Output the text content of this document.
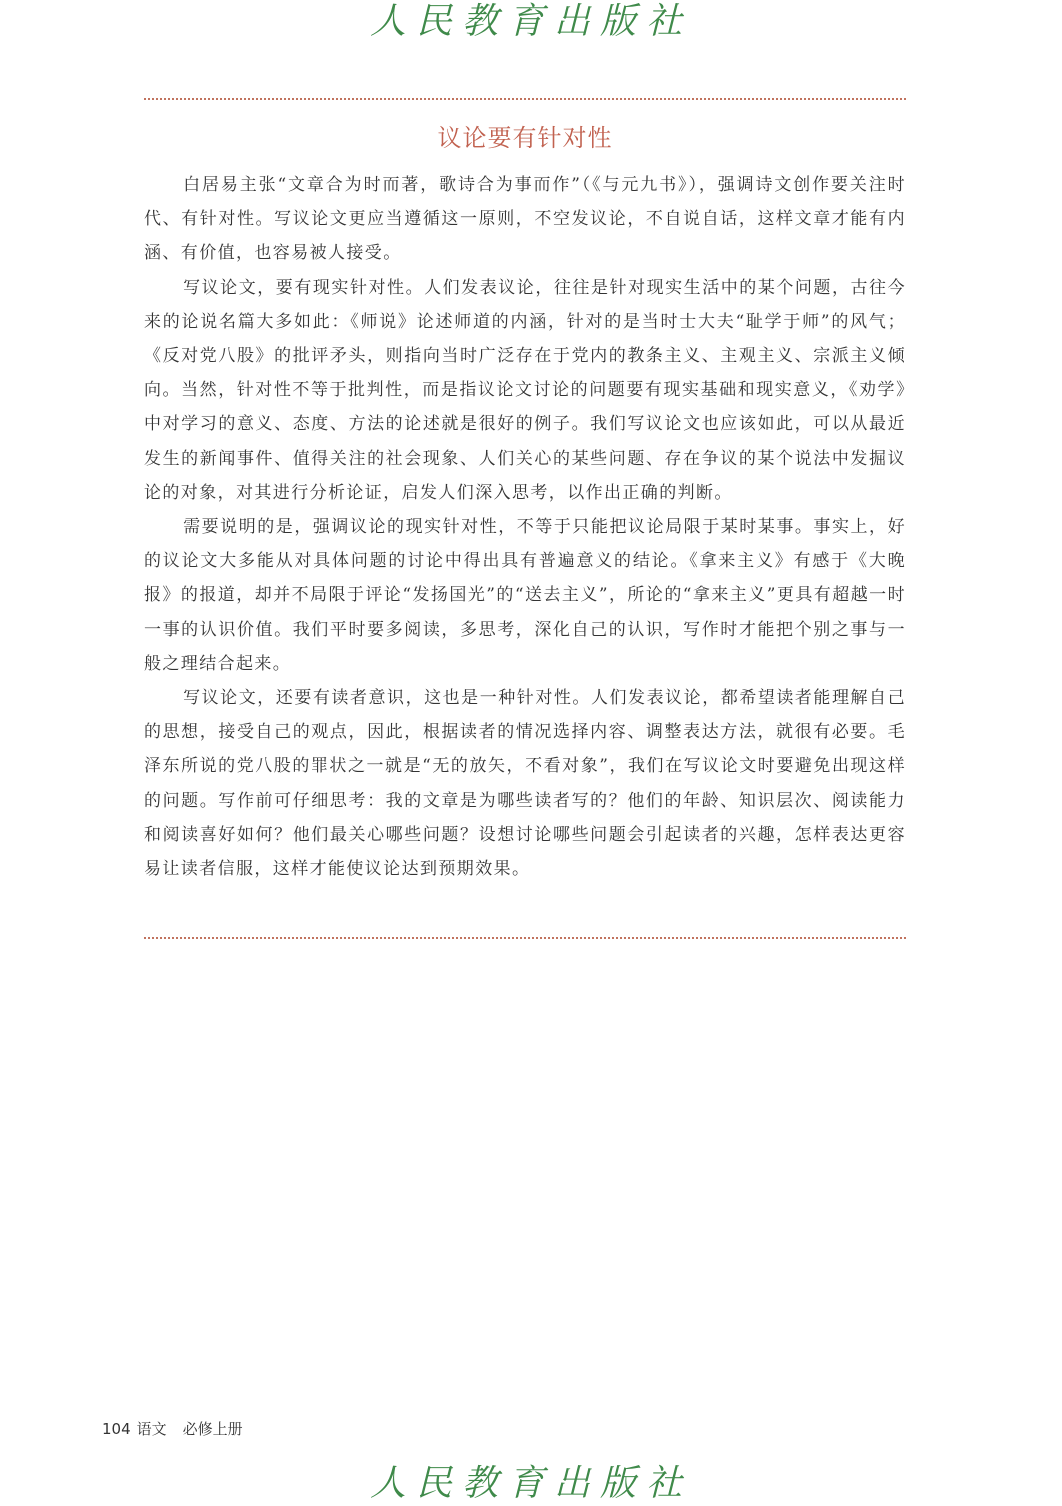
人民教育出版社
议论要有针对性

白居易主张“文章合为时而著，歌诗合为事而作”（《与元九书》），强调诗文创作要关注时代、有针对性。写议论文更应当遵循这一原则，不空发议论，不自说自话，这样文章才能有内涵、有价值，也容易被人接受。

写议论文，要有现实针对性。人们发表议论，往往是针对现实生活中的某个问题，古往今来的论说名篇大多如此：《师说》论述师道的内涵，针对的是当时士大夫“耻学于师”的风气；《反对党八股》的批评矛头，则指向当时广泛存在于党内的教条主义、主观主义、宗派主义倾向。当然，针对性不等于批判性，而是指议论文讨论的问题要有现实基础和现实意义，《劝学》中对学习的意义、态度、方法的论述就是很好的例子。我们写议论文也应该如此，可以从最近发生的新闻事件、值得关注的社会现象、人们关心的某些问题、存在争议的某个说法中发掘议论的对象，对其进行分析论证，启发人们深入思考，以作出正确的判断。

需要说明的是，强调议论的现实针对性，不等于只能把议论局限于某时某事。事实上，好的议论文大多能从对具体问题的讨论中得出具有普遍意义的结论。《拿来主义》有感于《大晚报》的报道，却并不局限于评论“发扬国光”的“送去主义”，所论的“拿来主义”更具有超越一时一事的认识价值。我们平时要多阅读，多思考，深化自己的认识，写作时才能把个别之事与一般之理结合起来。

写议论文，还要有读者意识，这也是一种针对性。人们发表议论，都希望读者能理解自己的思想，接受自己的观点，因此，根据读者的情况选择内容、调整表达方法，就很有必要。毛泽东所说的党八股的罪状之一就是“无的放矢，不看对象”，我们在写议论文时要避免出现这样的问题。写作前可仔细思考：我的文章是为哪些读者写的？他们的年龄、知识层次、阅读能力和阅读喜好如何？他们最关心哪些问题？设想讨论哪些问题会引起读者的兴趣，怎样表达更容易让读者信服，这样才能使议论达到预期效果。

104 语文 必修上册
人民教育出版社
